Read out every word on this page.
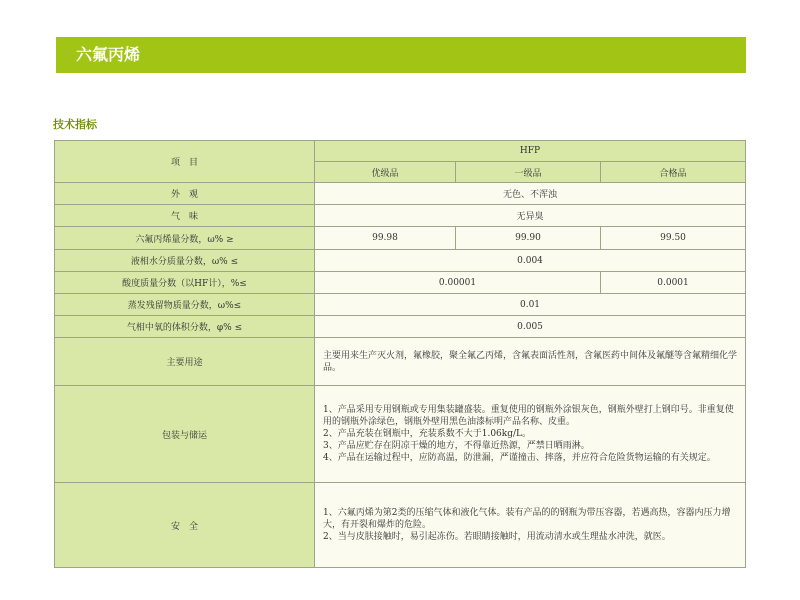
六氟丙烯
技术指标
项　目	HFP		
	优级品	一级品	合格品
外　观	无色、不浑浊		
气　味	无异臭		
六氟丙烯量分数，ω% ≥	99.98	99.90	99.50
液相水分质量分数，ω% ≤	0.004		
酸度质量分数（以HF计），%≤	0.00001		0.0001
蒸发残留物质量分数，ω%≤	0.01		
气相中氧的体积分数，φ% ≤	0.005		
主要用途	主要用来生产灭火剂，氟橡胶，聚全氟乙丙烯，含氟表面活性剂，含氟医药中间体及氟醚等含氟精细化学品。		
包装与储运	1、产品采用专用钢瓶或专用集装罐盛装。重复使用的钢瓶外涂银灰色，钢瓶外壁打上钢印号。非重复使用的钢瓶外涂绿色，钢瓶外壁用黑色油漆标明产品名称、皮重。
2、产品充装在钢瓶中，充装系数不大于1.06kg/L。
3、产品应贮存在阴凉干燥的地方，不得靠近热源，严禁日晒雨淋。
4、产品在运输过程中，应防高温，防泄漏，严谨撞击、摔落，并应符合危险货物运输的有关规定。		

安　全	1、六氟丙烯为第2类的压缩气体和液化气体。装有产品的的钢瓶为带压容器，若遇高热，容器内压力增大，有开裂和爆炸的危险。
2、当与皮肤接触时，易引起冻伤。若眼睛接触时，用流动清水或生理盐水冲洗，就医。		
